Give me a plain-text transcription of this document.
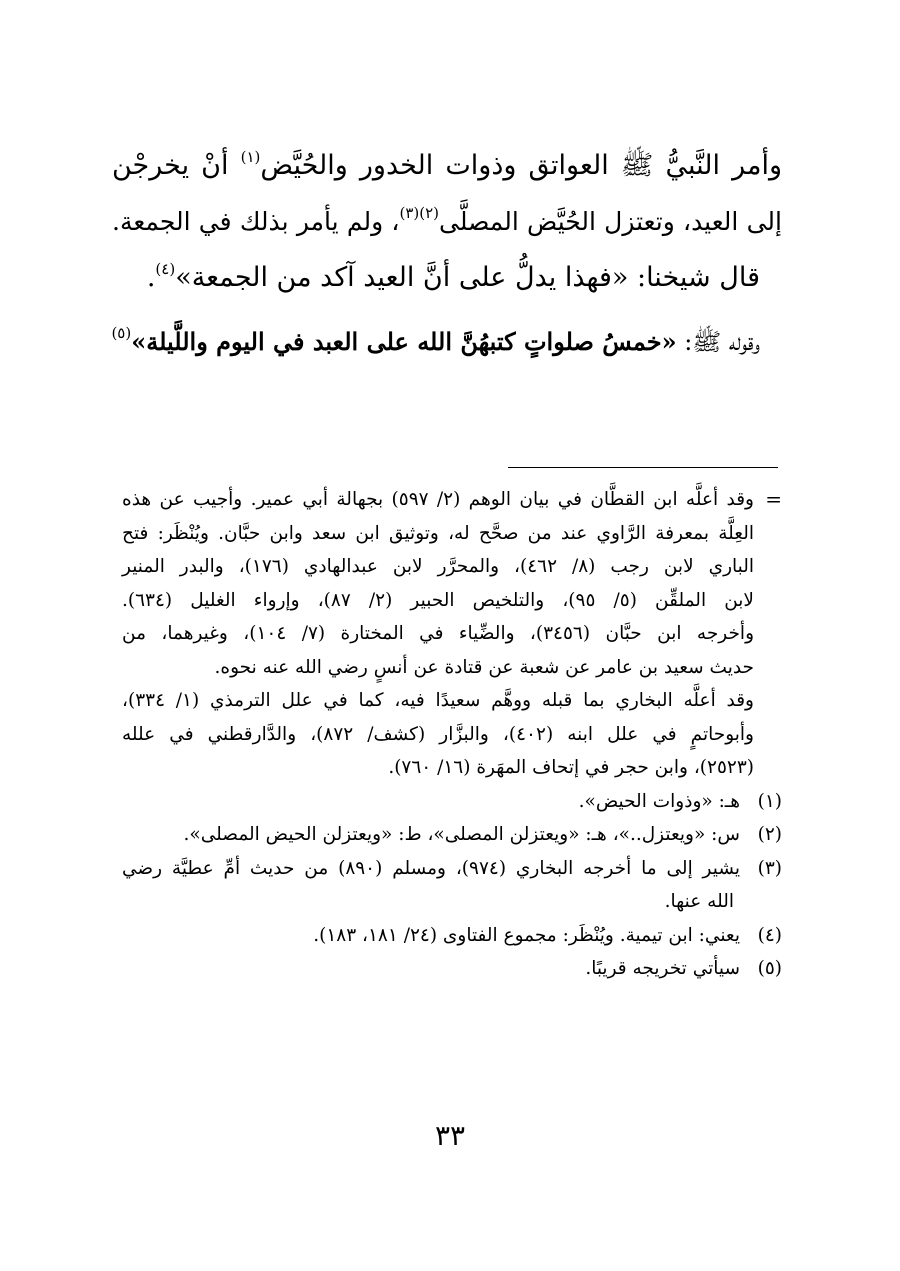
وأمر النَّبيُّ ﷺ العواتق وذوات الخدور والحُيَّض$^{(١)}$ أنْ يخرجْن
إلى العيد، وتعتزل الحُيَّض المصلَّى$^{(٢)(٣)}$، ولم يأمر بذلك في الجمعة.
قال شيخنا: «فهذا يدلُّ على أنَّ العيد آكد من الجمعة»$^{(٤)}$.
وقوله ﷺ: «خمسُ صلواتٍ كتبهُنَّ الله على العبد في اليوم واللَّيلة»$^{(٥)}$
=
وقد أعلَّه ابن القطَّان في بيان الوهم (٢/ ٥٩٧) بجهالة أبي عمير. وأجيب عن هذه
العِلَّة بمعرفة الرَّاوي عند من صحَّح له، وتوثيق ابن سعد وابن حبَّان. ويُنْظَر: فتح
الباري لابن رجب (٨/ ٤٦٢)، والمحرَّر لابن عبدالهادي (١٧٦)، والبدر المنير
لابن الملقِّن (٥/ ٩٥)، والتلخيص الحبير (٢/ ٨٧)، وإرواء الغليل (٦٣٤).
وأخرجه ابن حبَّان (٣٤٥٦)، والضِّياء في المختارة (٧/ ١٠٤)، وغيرهما، من
حديث سعيد بن عامر عن شعبة عن قتادة عن أنسٍ رضي الله عنه نحوه.
وقد أعلَّه البخاري بما قبله ووهَّم سعيدًا فيه، كما في علل الترمذي (١/ ٣٣٤)،
وأبوحاتمٍ في علل ابنه (٤٠٢)، والبزَّار (كشف/ ٨٧٢)، والدَّارقطني في علله
(٢٥٢٣)، وابن حجر في إتحاف المهَرة (١٦/ ٧٦٠).
(١)
هـ: «وذوات الحيض».
(٢)
س: «ويعتزل..»، هـ: «ويعتزلن المصلى»، ط: «ويعتزلن الحيض المصلى».
(٣)
يشير إلى ما أخرجه البخاري (٩٧٤)، ومسلم (٨٩٠) من حديث أمِّ عطيَّة رضي
الله عنها.
(٤)
يعني: ابن تيمية. ويُنْظَر: مجموع الفتاوى (٢٤/ ١٨١، ١٨٣).
(٥)
سيأتي تخريجه قريبًا.
٣٣
